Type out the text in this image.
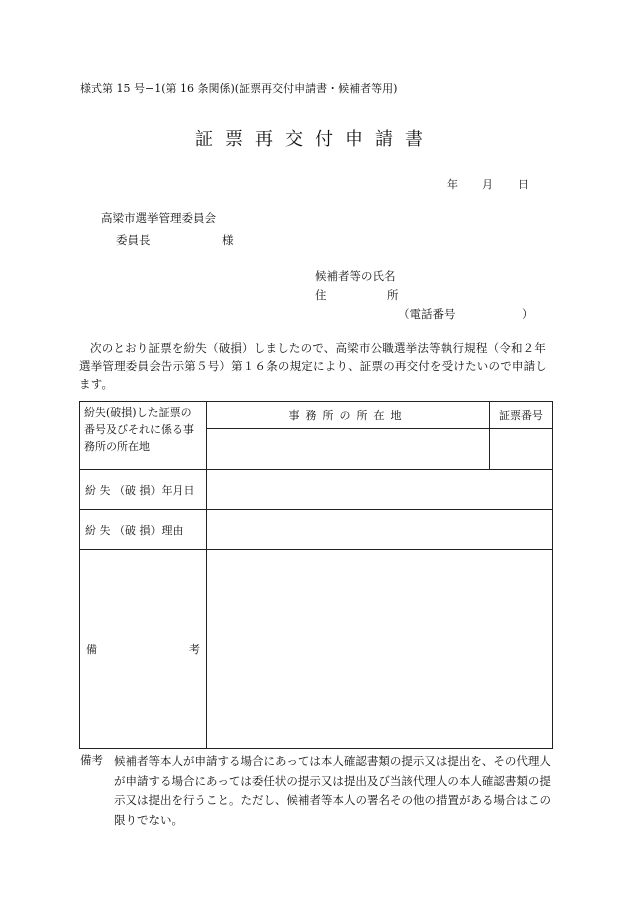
様式第 15 号−1(第 16 条関係)(証票再交付申請書・候補者等用)
証票再交付申請書
年 月 日
高梁市選挙管理委員会
委員長	様
候補者等の氏名
住	所
（電話番号	）
次のとおり証票を紛失（破損）しましたので、高梁市公職選挙法等執行規程（令和２年選挙管理委員会告示第５号）第１６条の規定により、証票の再交付を受けたいので申請します。
紛失(破損)した証票の番号及びそれに係る事務所の所在地	事務所の所在地	証票番号

紛 失 （破 損）年月日		
紛 失 （破 損）理由		

備 考		

備考 候補者等本人が申請する場合にあっては本人確認書類の提示又は提出を、その代理人が申請する場合にあっては委任状の提示又は提出及び当該代理人の本人確認書類の提示又は提出を行うこと。ただし、候補者等本人の署名その他の措置がある場合はこの限りでない。
